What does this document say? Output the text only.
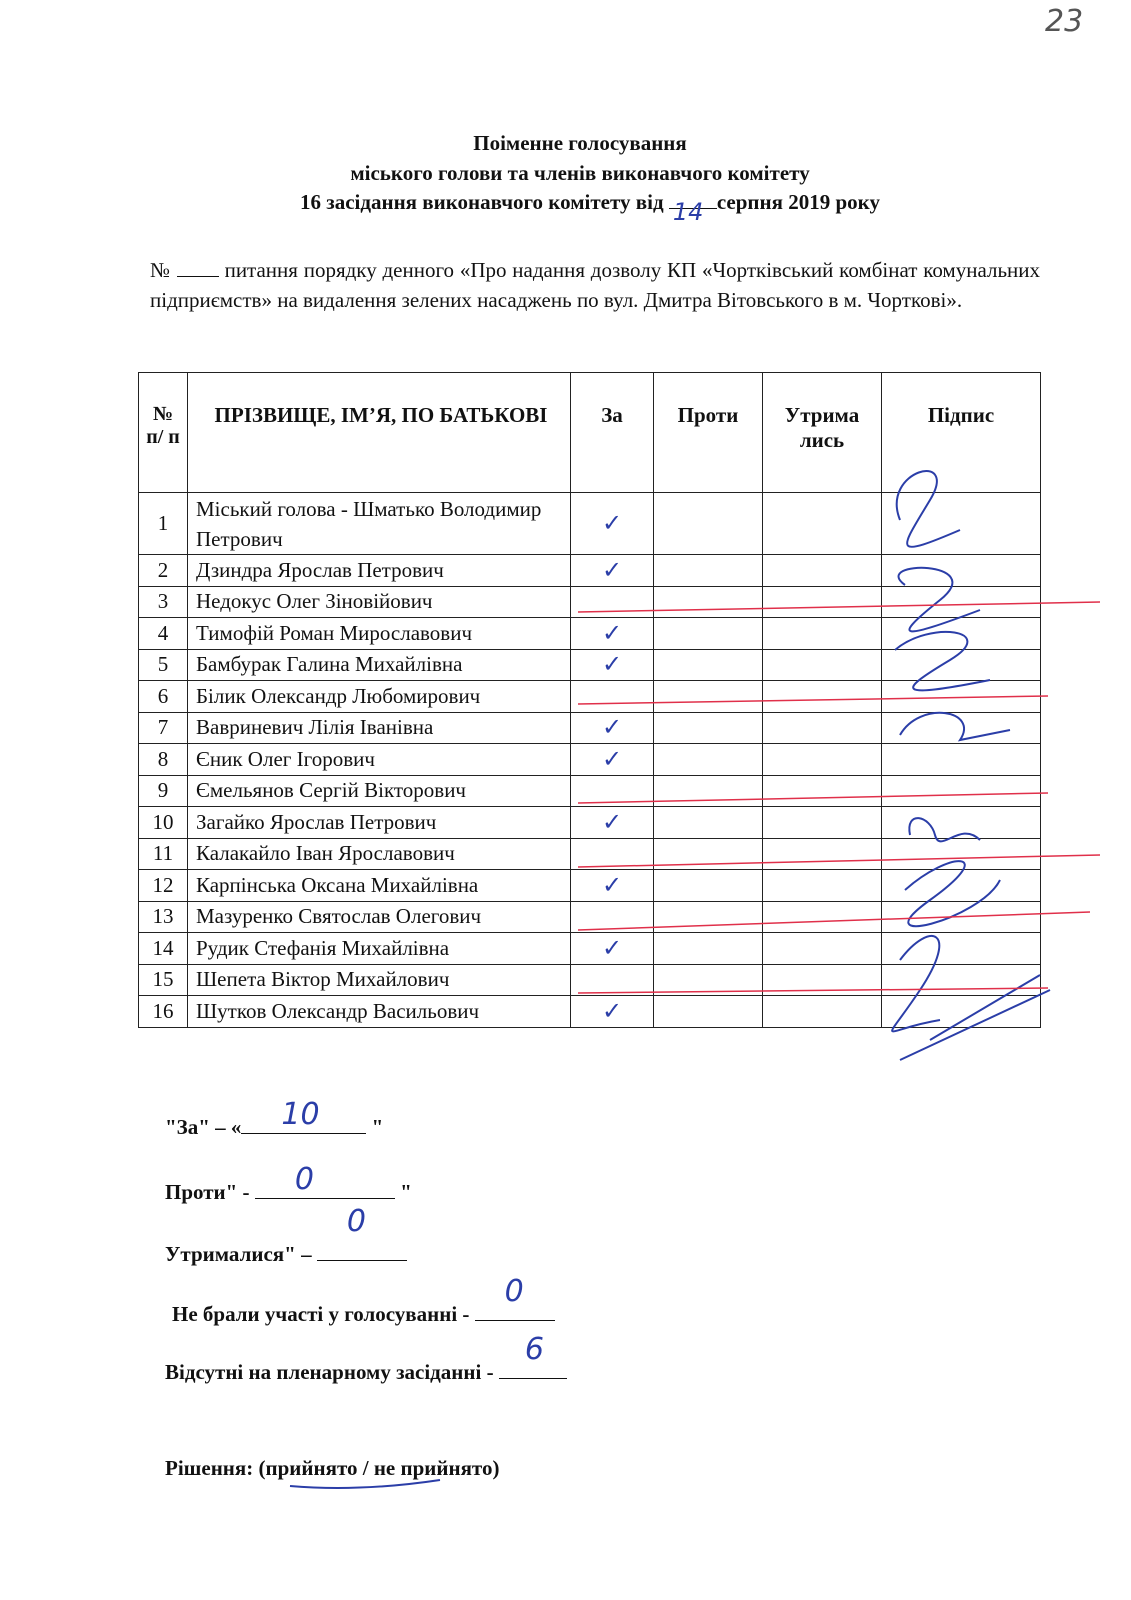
23
Поіменне голосування
міського голови та членів виконавчого комітету
16 засідання виконавчого комітету від 14 серпня 2019 року
№	питання порядку денного «Про надання дозволу КП «Чортківський комбінат комунальних підприємств» на видалення зелених насаджень по вул. Дмитра Вітовського в м. Чорткові».
№ п/ п	ПРІЗВИЩЕ, ІМ’Я, ПО БАТЬКОВІ	За	Проти	Утрима лись	Підпис
1	Міський голова - Шматько Володимир Петрович	✓			
2	Дзиндра Ярослав Петрович	✓			
3	Недокус Олег Зіновійович				
4	Тимофій Роман Мирославович	✓			
5	Бамбурак Галина Михайлівна	✓			
6	Білик Олександр Любомирович				
7	Вавриневич Лілія Іванівна	✓			
8	Єник Олег Ігорович	✓			
9	Ємельянов Сергій Вікторович				
10	Загайко Ярослав Петрович	✓			
11	Калакайло Іван Ярославович				
12	Карпінська Оксана Михайлівна	✓			
13	Мазуренко Святослав Олегович				
14	Рудик Стефанія Михайлівна	✓			
15	Шепета Віктор Михайлович				
16	Шутков Олександр Васильович	✓			
"За" – « 10 "
Проти" - 0	"
Утрималися" –
0
Не брали участі у голосуванні -
0
Відсутні на пленарному засіданні -
6
Рішення: (прийнято / не прийнято)
